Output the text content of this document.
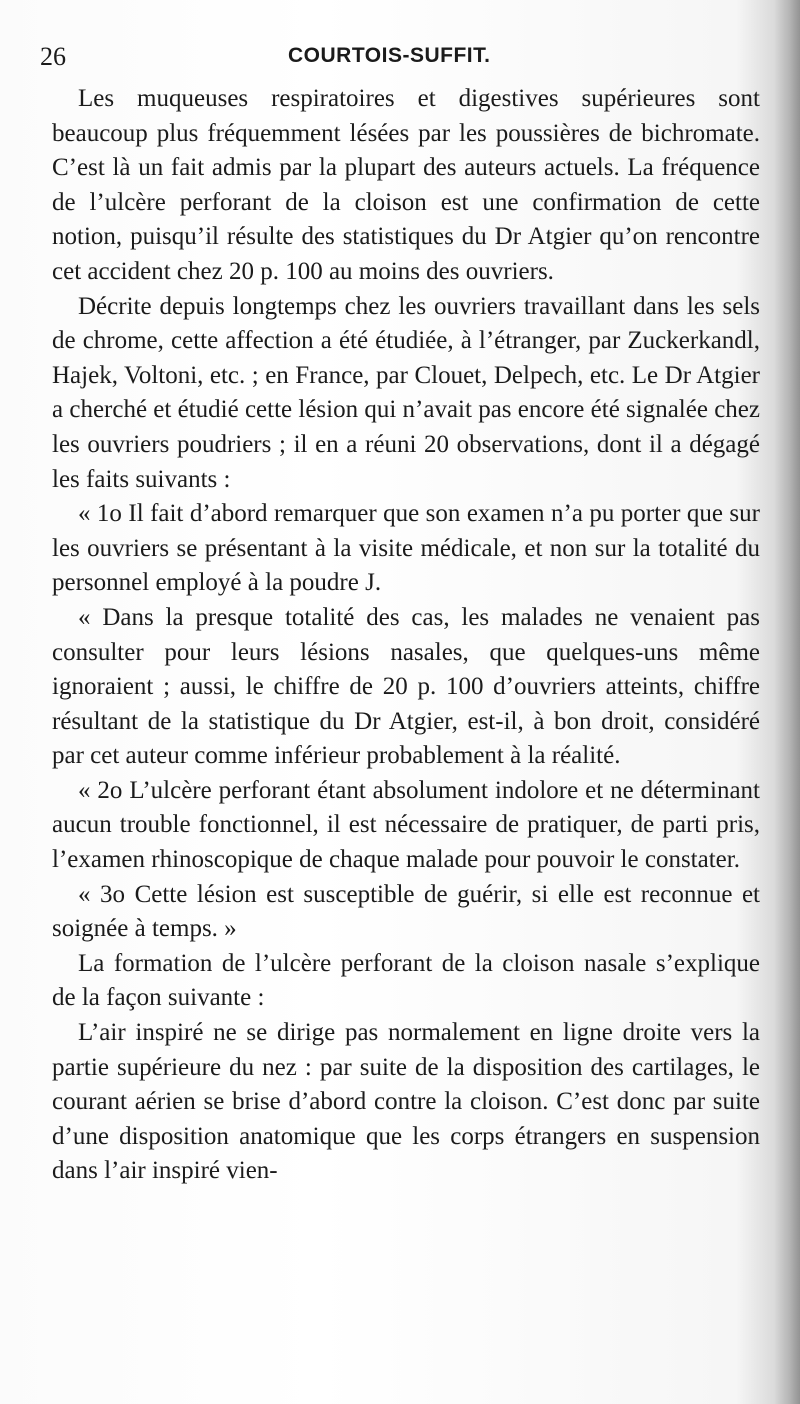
26	COURTOIS-SUFFIT.

Les muqueuses respiratoires et digestives supérieures sont beaucoup plus fréquemment lésées par les poussières de bichromate. C’est là un fait admis par la plupart des auteurs actuels. La fréquence de l’ulcère perforant de la cloison est une confirmation de cette notion, puisqu’il résulte des statistiques du Dr Atgier qu’on rencontre cet accident chez 20 p. 100 au moins des ouvriers.

Décrite depuis longtemps chez les ouvriers travaillant dans les sels de chrome, cette affection a été étudiée, à l’étranger, par Zuckerkandl, Hajek, Voltoni, etc. ; en France, par Clouet, Delpech, etc. Le Dr Atgier a cherché et étudié cette lésion qui n’avait pas encore été signalée chez les ouvriers poudriers ; il en a réuni 20 observations, dont il a dégagé les faits suivants :

« 1o Il fait d’abord remarquer que son examen n’a pu porter que sur les ouvriers se présentant à la visite médicale, et non sur la totalité du personnel employé à la poudre J.

« Dans la presque totalité des cas, les malades ne venaient pas consulter pour leurs lésions nasales, que quelques-uns même ignoraient ; aussi, le chiffre de 20 p. 100 d’ouvriers atteints, chiffre résultant de la statistique du Dr Atgier, est-il, à bon droit, considéré par cet auteur comme inférieur probablement à la réalité.

« 2o L’ulcère perforant étant absolument indolore et ne déterminant aucun trouble fonctionnel, il est nécessaire de pratiquer, de parti pris, l’examen rhinoscopique de chaque malade pour pouvoir le constater.

« 3o Cette lésion est susceptible de guérir, si elle est reconnue et soignée à temps. »

La formation de l’ulcère perforant de la cloison nasale s’explique de la façon suivante :

L’air inspiré ne se dirige pas normalement en ligne droite vers la partie supérieure du nez : par suite de la disposition des cartilages, le courant aérien se brise d’abord contre la cloison. C’est donc par suite d’une disposition anatomique que les corps étrangers en suspension dans l’air inspiré vien-
